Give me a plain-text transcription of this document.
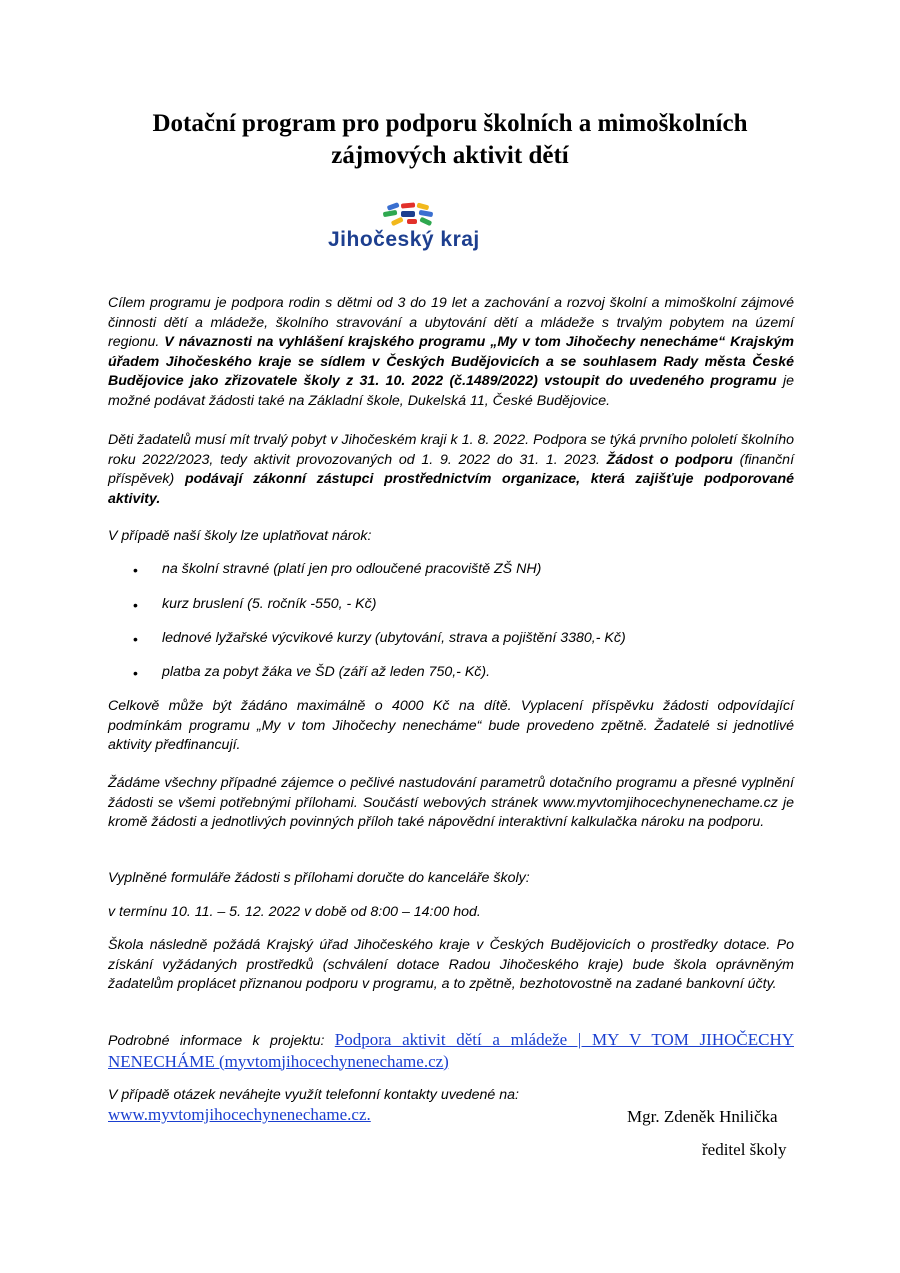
Dotační program pro podporu školních a mimoškolních
zájmových aktivit dětí
Jihočeský kraj
Cílem programu je podpora rodin s dětmi od 3 do 19 let a zachování a rozvoj školní a mimoškolní zájmové činnosti dětí a mládeže, školního stravování a ubytování dětí a mládeže s trvalým pobytem na území regionu. V návaznosti na vyhlášení krajského programu „My v tom Jihočechy nenecháme“ Krajským úřadem Jihočeského kraje se sídlem v Českých Budějovicích a se souhlasem Rady města České Budějovice jako zřizovatele školy z 31. 10. 2022 (č.1489/2022) vstoupit do uvedeného programu je možné podávat žádosti také na Základní škole, Dukelská 11, České Budějovice.
Děti žadatelů musí mít trvalý pobyt v Jihočeském kraji k 1. 8. 2022. Podpora se týká prvního pololetí školního roku 2022/2023, tedy aktivit provozovaných od 1. 9. 2022 do 31. 1. 2023. Žádost o podporu (finanční příspěvek) podávají zákonní zástupci prostřednictvím organizace, která zajišťuje podporované aktivity.
V případě naší školy lze uplatňovat nárok:
• na školní stravné (platí jen pro odloučené pracoviště ZŠ NH)
• kurz bruslení (5. ročník -550, - Kč)
• lednové lyžařské výcvikové kurzy (ubytování, strava a pojištění 3380,- Kč)
• platba za pobyt žáka ve ŠD (září až leden 750,- Kč).
Celkově může být žádáno maximálně o 4000 Kč na dítě. Vyplacení příspěvku žádosti odpovídající podmínkám programu „My v tom Jihočechy nenecháme“ bude provedeno zpětně. Žadatelé si jednotlivé aktivity předfinancují.
Žádáme všechny případné zájemce o pečlivé nastudování parametrů dotačního programu a přesné vyplnění žádosti se všemi potřebnými přílohami. Součástí webových stránek www.myvtomjihocechynenechame.cz je kromě žádosti a jednotlivých povinných příloh také nápovědní interaktivní kalkulačka nároku na podporu.
Vyplněné formuláře žádosti s přílohami doručte do kanceláře školy:
v termínu 10. 11. – 5. 12. 2022 v době od 8:00 – 14:00 hod.
Škola následně požádá Krajský úřad Jihočeského kraje v Českých Budějovicích o prostředky dotace. Po získání vyžádaných prostředků (schválení dotace Radou Jihočeského kraje) bude škola oprávněným žadatelům proplácet přiznanou podporu v programu, a to zpětně, bezhotovostně na zadané bankovní účty.
Podrobné informace k projektu: Podpora aktivit dětí a mládeže | MY V TOM JIHOČECHY NENECHÁME (myvtomjihocechynenechame.cz)
V případě otázek neváhejte využít telefonní kontakty uvedené na:
www.myvtomjihocechynenechame.cz.	Mgr. Zdeněk Hnilička
ředitel školy
